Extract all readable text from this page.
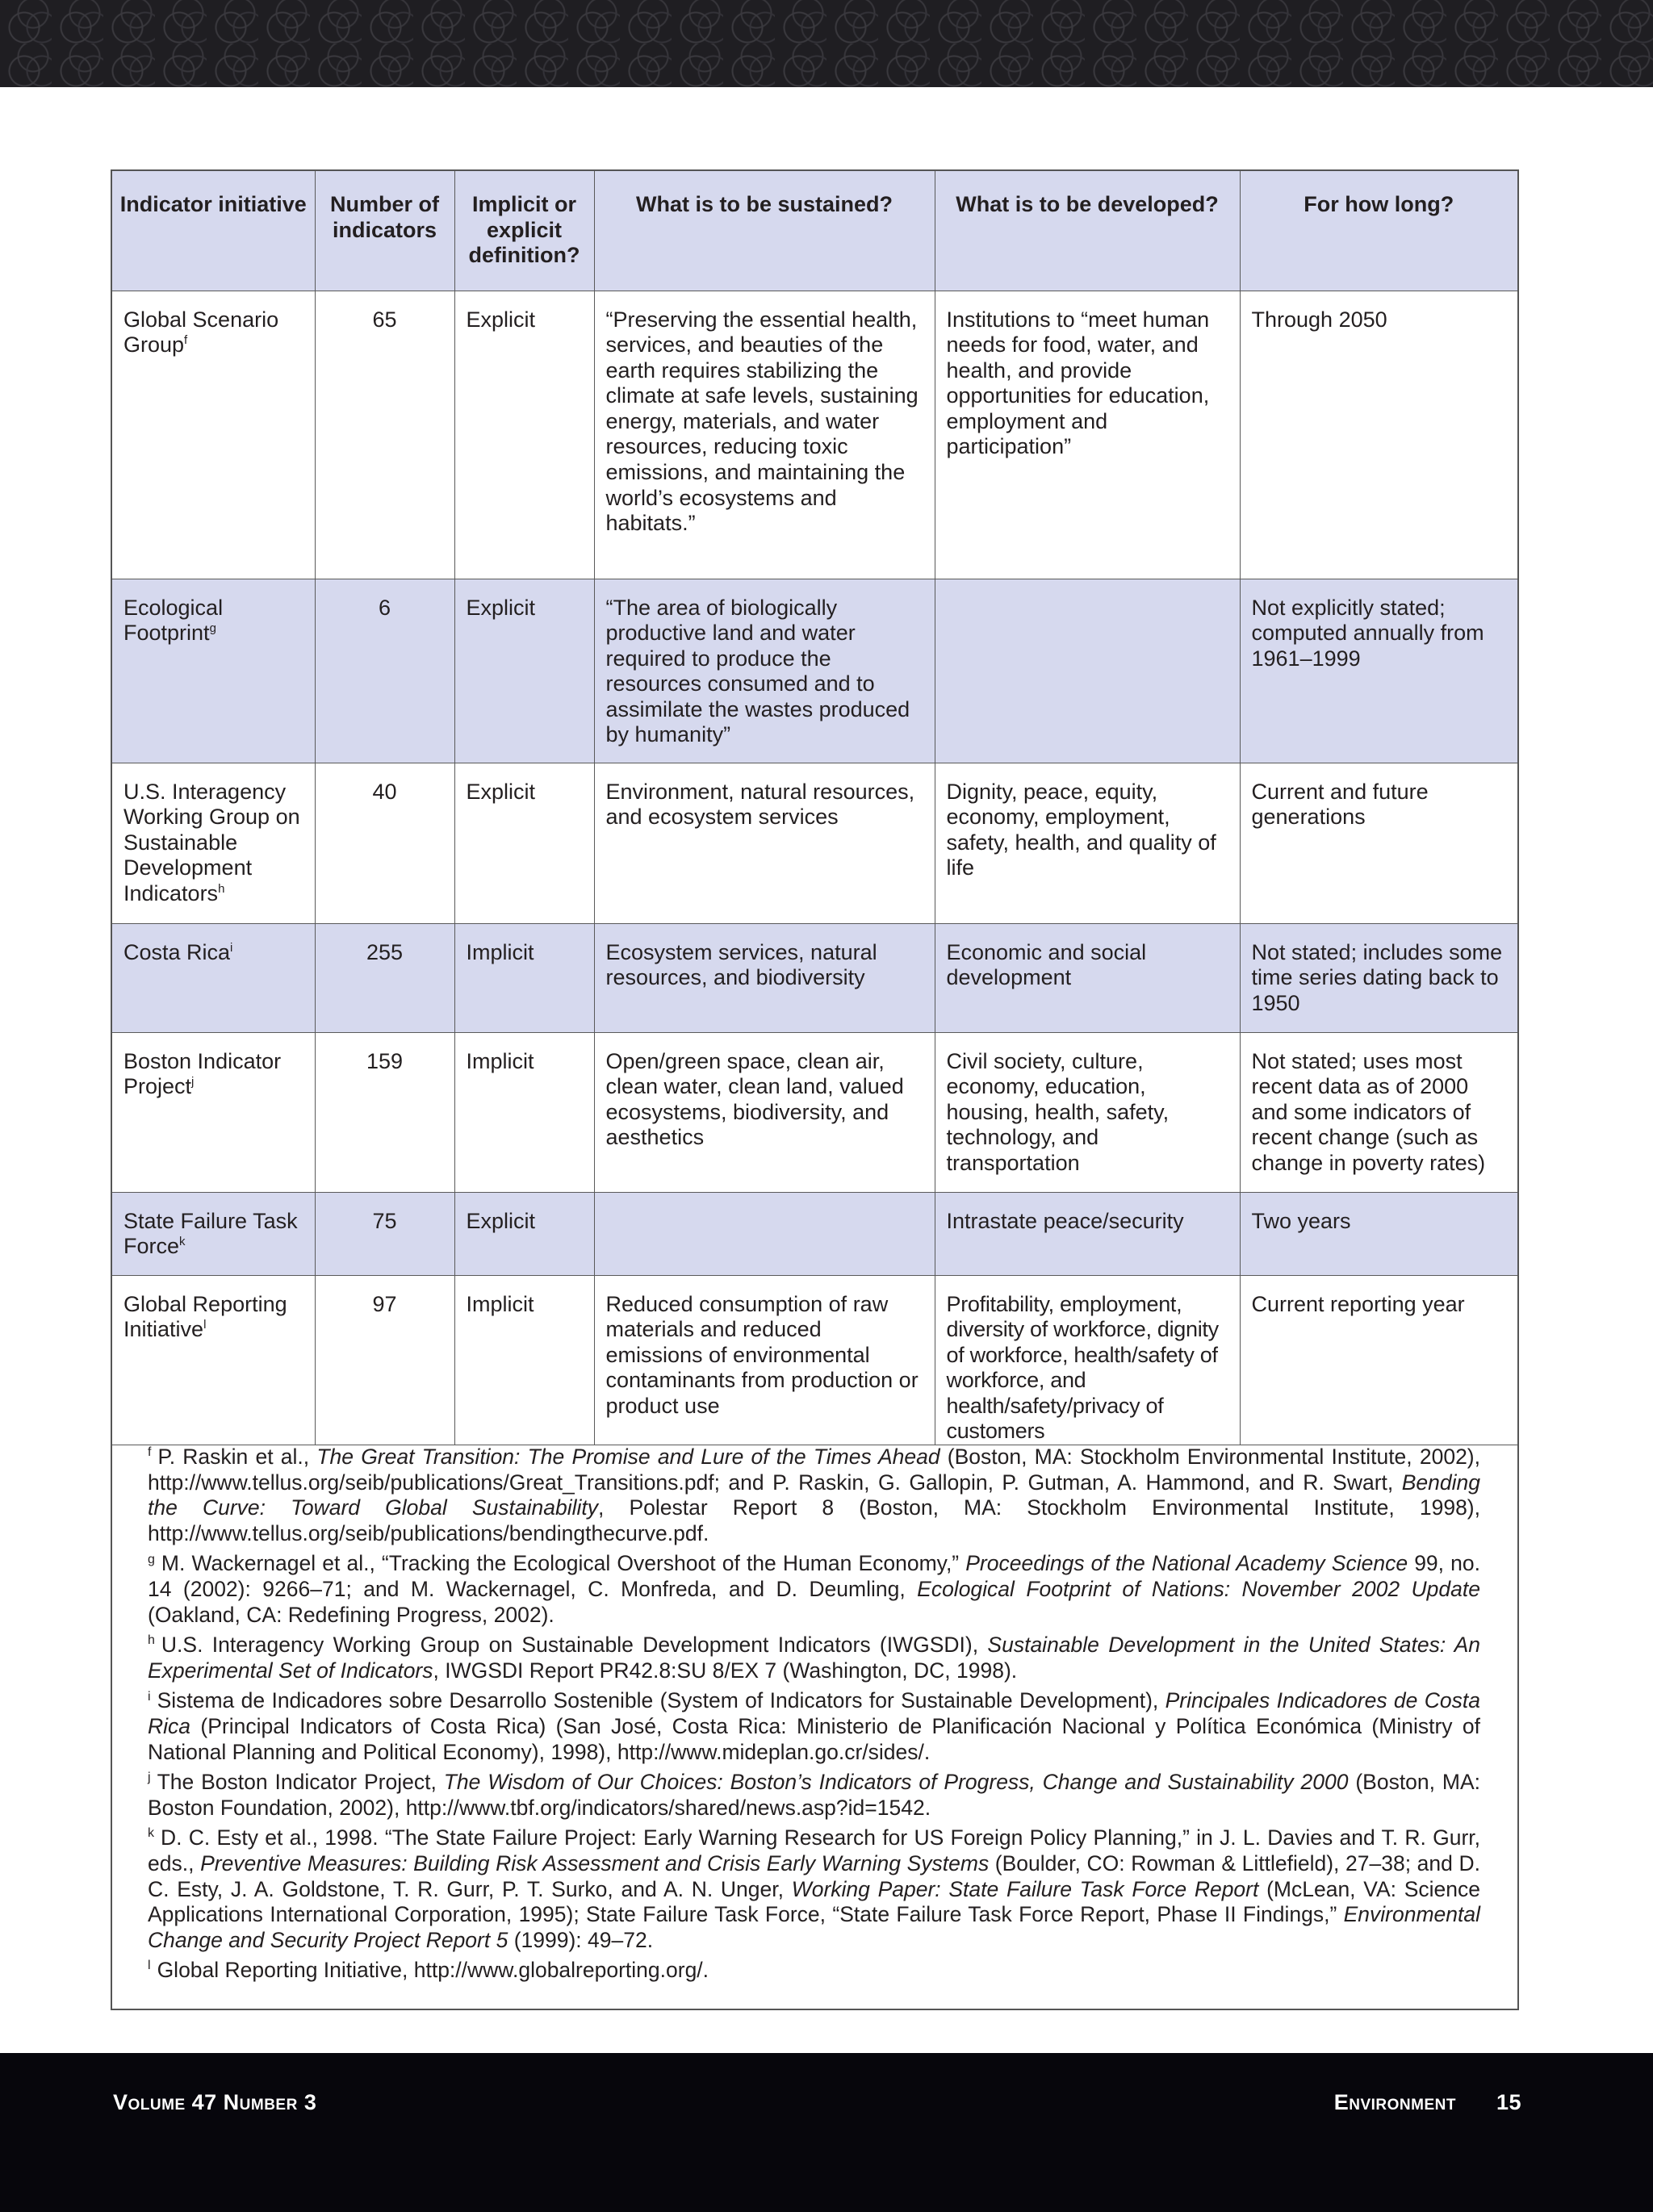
Indicator initiative	Number of indicators	Implicit or explicit definition?	What is to be sustained?	What is to be developed?	For how long?
Global Scenario Group$^f$	65	Explicit	“Preserving the essential health, services, and beauties of the earth requires stabilizing the climate at safe levels, sustaining energy, materials, and water resources, reducing toxic emissions, and maintaining the world’s ecosystems and habitats.”	Institutions to “meet human needs for food, water, and health, and provide opportunities for education, employment and participation”	Through 2050
Ecological Footprint$^g$	6	Explicit	“The area of biologically productive land and water required to produce the resources consumed and to assimilate the wastes produced by humanity”		Not explicitly stated; computed annually from 1961–1999
U.S. Interagency Working Group on Sustainable Development Indicators$^h$	40	Explicit	Environment, natural resources, and ecosystem services	Dignity, peace, equity, economy, employment, safety, health, and quality of life	Current and future generations
Costa Rica$^i$	255	Implicit	Ecosystem services, natural resources, and biodiversity	Economic and social development	Not stated; includes some time series dating back to 1950
Boston Indicator Project$^j$	159	Implicit	Open/green space, clean air, clean water, clean land, valued ecosystems, biodiversity, and aesthetics	Civil society, culture, economy, education, housing, health, safety, technology, and transportation	Not stated; uses most recent data as of 2000 and some indicators of recent change (such as change in poverty rates)
State Failure Task Force$^k$	75	Explicit		Intrastate peace/security	Two years
Global Reporting Initiative$^l$	97	Implicit	Reduced consumption of raw materials and reduced emissions of environmental contaminants from production or product use	Profitability, employment, diversity of workforce, dignity of workforce, health/safety of workforce, and health/safety/privacy of customers	Current reporting year

$^f$ P. Raskin et al., The Great Transition: The Promise and Lure of the Times Ahead (Boston, MA: Stockholm Environmental Institute, 2002), http://www.tellus.org/seib/publications/Great_Transitions.pdf; and P. Raskin, G. Gallopin, P. Gutman, A. Hammond, and R. Swart, Bending the Curve: Toward Global Sustainability, Polestar Report 8 (Boston, MA: Stockholm Environmental Institute, 1998), http://www.tellus.org/seib/publications/bendingthecurve.pdf.

$^g$ M. Wackernagel et al., “Tracking the Ecological Overshoot of the Human Economy,” Proceedings of the National Academy Science 99, no. 14 (2002): 9266–71; and M. Wackernagel, C. Monfreda, and D. Deumling, Ecological Footprint of Nations: November 2002 Update (Oakland, CA: Redefining Progress, 2002).

$^h$ U.S. Interagency Working Group on Sustainable Development Indicators (IWGSDI), Sustainable Development in the United States: An Experimental Set of Indicators, IWGSDI Report PR42.8:SU 8/EX 7 (Washington, DC, 1998).

$^i$ Sistema de Indicadores sobre Desarrollo Sostenible (System of Indicators for Sustainable Development), Principales Indicadores de Costa Rica (Principal Indicators of Costa Rica) (San José, Costa Rica: Ministerio de Planificación Nacional y Política Económica (Ministry of National Planning and Political Economy), 1998), http://www.mideplan.go.cr/sides/.

$^j$ The Boston Indicator Project, The Wisdom of Our Choices: Boston’s Indicators of Progress, Change and Sustainability 2000 (Boston, MA: Boston Foundation, 2002), http://www.tbf.org/indicators/shared/news.asp?id=1542.

$^k$ D. C. Esty et al., 1998. “The State Failure Project: Early Warning Research for US Foreign Policy Planning,” in J. L. Davies and T. R. Gurr, eds., Preventive Measures: Building Risk Assessment and Crisis Early Warning Systems (Boulder, CO: Rowman & Littlefield), 27–38; and D. C. Esty, J. A. Goldstone, T. R. Gurr, P. T. Surko, and A. N. Unger, Working Paper: State Failure Task Force Report (McLean, VA: Science Applications International Corporation, 1995); State Failure Task Force, “State Failure Task Force Report, Phase II Findings,” Environmental Change and Security Project Report 5 (1999): 49–72.

$^l$ Global Reporting Initiative, http://www.globalreporting.org/.

Volume 47 Number 3	Environment 15
